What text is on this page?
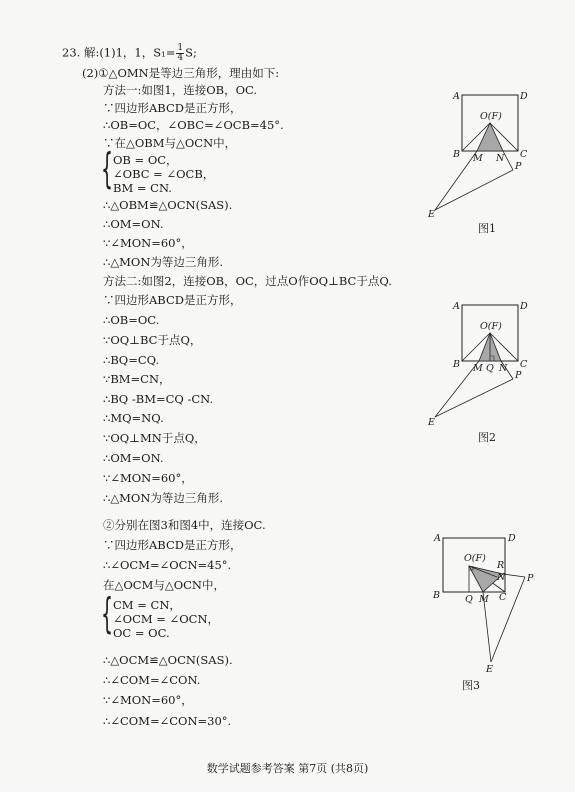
23. 解:(1)1，1，$S_1= \frac{1}{4} S$;
(2)①△OMN是等边三角形，理由如下:
方法一:如图1，连接OB，OC.
∵四边形ABCD是正方形，
∴OB=OC，∠OBC=∠OCB=45°.
∵在△OBM与△OCN中，
{ OB = OC，
∠OBC = ∠OCB，
BM = CN.
∴△OBM≌△OCN(SAS).
∴OM=ON.
∵∠MON=60°，
∴△MON为等边三角形.
方法二:如图2，连接OB，OC，过点O作OQ⊥BC于点Q.
∵四边形ABCD是正方形，
∴OB=OC.
∵OQ⊥BC于点Q，
∴BQ=CQ.
∵BM=CN，
∴BQ -BM=CQ -CN.
∴MQ=NQ.
∵OQ⊥MN于点Q，
∴OM=ON.
∵∠MON=60°，
∴△MON为等边三角形.
②分别在图3和图4中，连接OC.
∵四边形ABCD是正方形，
∴∠OCM=∠OCN=45°.
在△OCM与△OCN中，
{ CM = CN，
∠OCM = ∠OCN，
OC = OC.
∴△OCM≌△OCN(SAS).
∴∠COM=∠CON.
∵∠MON=60°，
∴∠COM=∠CON=30°.
A	D
B	C
O(F)
M N
P
E
图1
A	D
B	C
O(F)
M Q N
P
E
图2
A	D
B	C
O(F)
R
N
Q M
P
E
图3
数学试题参考答案 第7页 (共8页)
